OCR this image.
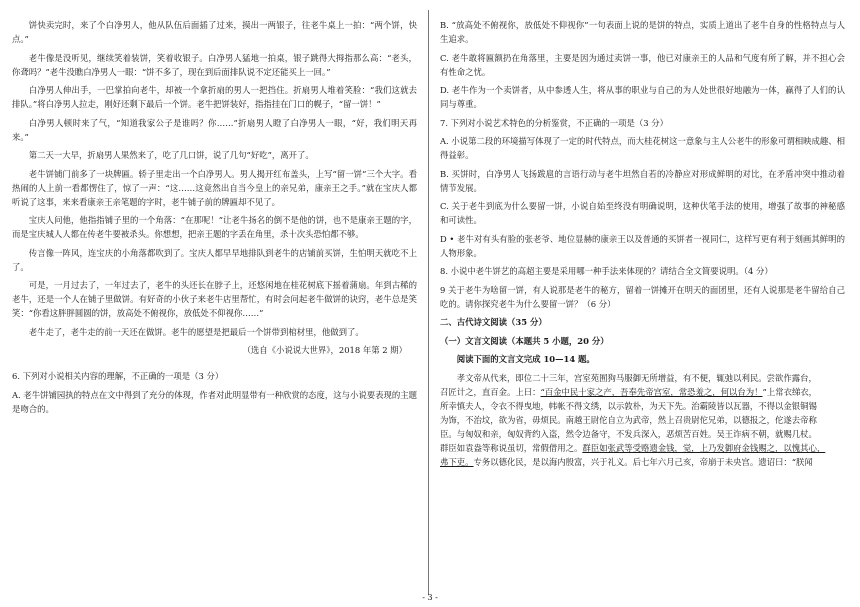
饼快卖完时，来了个白净男人，他从队伍后面插了过来，摸出一两银子，往老牛桌上一拍：“两个饼，快点。”

老牛像是没听见，继续笑着装饼，笑着收银子。白净男人猛地一拍桌，银子跳得大拇指那么高：“老头，你聋吗？”老牛没瞧白净男人一眼：“饼不多了，现在到后面排队说不定还能买上一回。”

白净男人伸出手，一巴掌拍向老牛，却被一个拿折扇的男人一把挡住。折扇男人堆着笑脸：“我们这就去排队。”将白净男人拉走，刚好还剩下最后一个饼。老牛把饼装好，指指挂在门口的幌子，“留一饼！”

白净男人顿时来了气，“知道我家公子是谁吗？你……”折扇男人瞪了白净男人一眼，“好，我们明天再来。”

第二天一大早，折扇男人果然来了，吃了几口饼，说了几句“好吃”，离开了。

老牛饼铺门前多了一块牌匾。轿子里走出一个白净男人。男人揭开红布盖头，上写“留一饼”三个大字。看热闹的人上前一看都愣住了，惊了一声：“这……这竟然出自当今皇上的亲兄弟，康亲王之手。”就在宝庆人都听说了这事，来来看康亲王亲笔题的字时，老牛铺子前的牌匾却不见了。

宝庆人问他，他指指铺子里的一个角落：“在那呢！”让老牛扬名的倒不是他的饼，也不是康亲王题的字，而是宝庆城人人都在传老牛要被杀头。你想想，把亲王题的字丢在角里，杀十次头恐怕都不够。

传言像一阵风，连宝庆的小角落都吹到了。宝庆人都早早地排队到老牛的店铺前买饼，生怕明天就吃不上了。

可是，一月过去了，一年过去了，老牛的头还长在脖子上，还悠闲地在桂花树底下摇着蒲扇。年到古稀的老牛，还是一个人在铺子里做饼。有好奇的小伙子来老牛店里帮忙，有时会问起老牛做饼的诀窍，老牛总是笑笑：“你看这胖胖圆圆的饼，放高处不俯视你，放低处不仰视你……”

老牛走了，老牛走的前一天还在做饼。老牛的愿望是把最后一个饼带到棺材里，他做到了。

（选自《小说说大世界》，2018 年第 2 期）

6. 下列对小说相关内容的理解，不正确的一项是（3 分）

A. 老牛饼铺园执的特点在文中得到了充分的体现，作者对此明显带有一种欣赏的态度，这与小说要表现的主题是吻合的。

B. “放高处不俯视你，放低处不仰视你”一句表面上说的是饼的特点，实质上道出了老牛自身的性格特点与人生追求。

C. 老牛敢将匾额扔在角落里，主要是因为通过卖饼一事，他已对康亲王的人品和气度有所了解，并不担心会有性命之忧。

D. 老牛作为一个卖饼者，从中参透人生，将从事的职业与自己的为人处世很好地融为一体，赢得了人们的认同与尊重。

7. 下列对小说艺术特色的分析鉴赏，不正确的一项是（3 分）

A. 小说第二段的环境描写体现了一定的时代特点，而大桂花树这一意象与主人公老牛的形象可谓相映成趣、相得益彰。

B. 买饼时，白净男人飞扬跋扈的言语行动与老牛坦然自若的冷静应对形成鲜明的对比，在矛盾冲突中推动着情节发展。

C. 关于老牛到底为什么要留一饼，小说自始至终没有明确说明，这种伏笔手法的使用，增强了故事的神秘感和可读性。

D • 老牛对有头有脸的张老爷、地位显赫的康亲王以及普通的买饼者一视同仁，这样写更有利于刻画其鲜明的人物形象。

8. 小说中老牛饼艺的高超主要是采用哪一种手法来体现的？请结合全文简要说明。（4 分）

9 关于老牛为啥留一饼，有人说那是老牛的秘方，留着一饼摊开在明天的面团里，还有人说那是老牛留给自己吃的。请你探究老牛为什么要留一饼？（6 分）

二、古代诗文阅读（35 分）

（一）文言文阅读（本题共 5 小题，20 分）

阅读下面的文言文完成 10—14 题。

孝文帝从代来，即位二十三年，宫室苑囿狗马服御无所增益，有不便，辄弛以利民。尝欲作露台，

召匠计之，直百金。上曰：“百金中民十家之产，吾奉先帝宫室，常恐羞之，何以台为！”上常衣绨衣，

所幸慎夫人，令衣不得曳地，帏帐不得文绣，以示敦朴，为天下先。治霸陵皆以瓦器，不得以金银铜锡

为饰，不治坟，欲为省，毋烦民。南越王尉佗自立为武帝，然上召贵尉佗兄弟，以德报之，佗遂去帝称

臣。与匈奴和亲，匈奴背约入盗，然令边备守，不发兵深入，恶烦苦百姓。吴王诈病不朝，就赐几杖。

群臣如袁盎等称说虽切，常假借用之。群臣如张武等受赂遗金钱，觉，上乃发御府金钱赐之，以愧其心，

弗下吏。专务以德化民，是以海内殷富，兴于礼义。后七年六月己亥，帝崩于未央宫。遗诏曰：“朕闻

- 3 -
